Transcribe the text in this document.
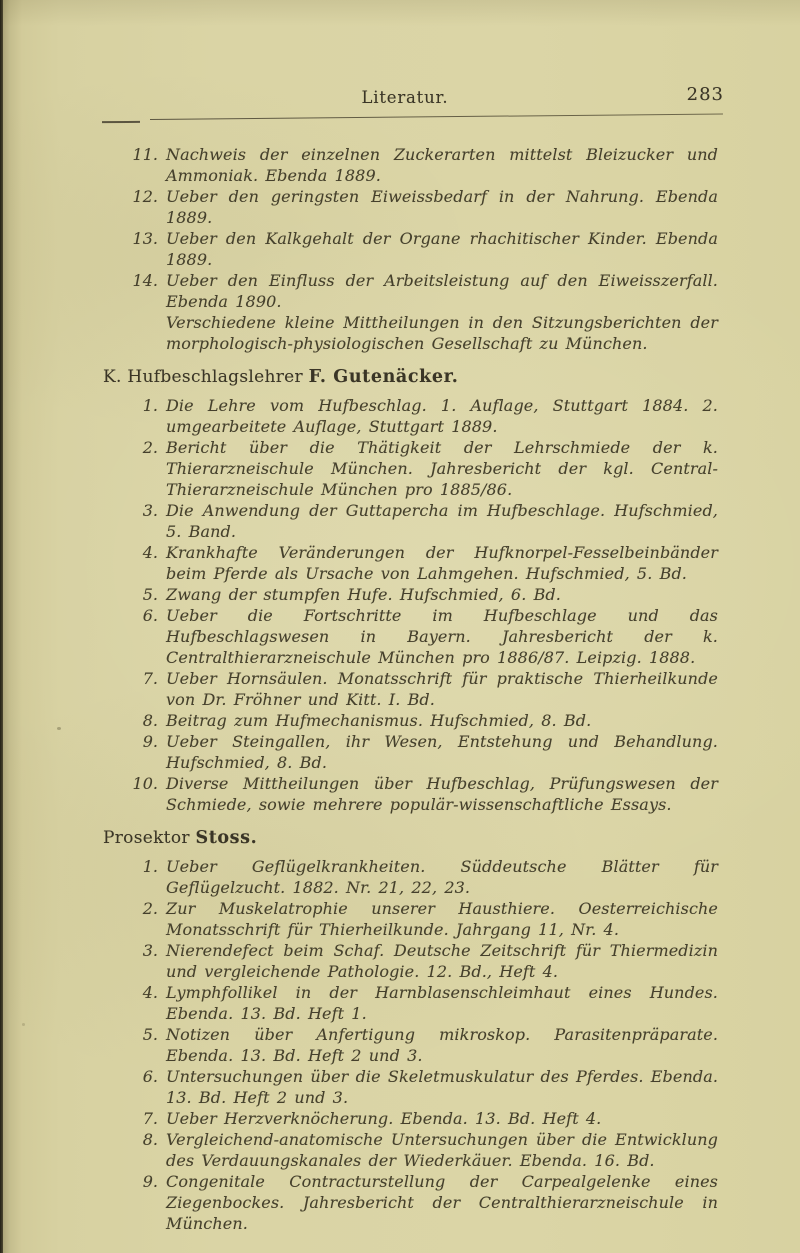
Literatur.	283
11. Nachweis der einzelnen Zuckerarten mittelst Bleizucker und Ammoniak. Ebenda 1889.
12. Ueber den geringsten Eiweissbedarf in der Nahrung. Ebenda 1889.
13. Ueber den Kalkgehalt der Organe rhachitischer Kinder. Ebenda 1889.
14. Ueber den Einfluss der Arbeitsleistung auf den Eiweisszerfall. Ebenda 1890.
Verschiedene kleine Mittheilungen in den Sitzungsberichten der morphologisch-physiologischen Gesellschaft zu München.
K. Hufbeschlagslehrer F. Gutenäcker.
1. Die Lehre vom Hufbeschlag. 1. Auflage, Stuttgart 1884. 2. umgearbeitete Auflage, Stuttgart 1889.
2. Bericht über die Thätigkeit der Lehrschmiede der k. Thierarzneischule München. Jahresbericht der kgl. Central-Thierarzneischule München pro 1885/86.
3. Die Anwendung der Guttapercha im Hufbeschlage. Hufschmied, 5. Band.
4. Krankhafte Veränderungen der Hufknorpel-Fesselbeinbänder beim Pferde als Ursache von Lahmgehen. Hufschmied, 5. Bd.
5. Zwang der stumpfen Hufe. Hufschmied, 6. Bd.
6. Ueber die Fortschritte im Hufbeschlage und das Hufbeschlagswesen in Bayern. Jahresbericht der k. Centralthierarzneischule München pro 1886/87. Leipzig. 1888.
7. Ueber Hornsäulen. Monatsschrift für praktische Thierheilkunde von Dr. Fröhner und Kitt. I. Bd.
8. Beitrag zum Hufmechanismus. Hufschmied, 8. Bd.
9. Ueber Steingallen, ihr Wesen, Entstehung und Behandlung. Hufschmied, 8. Bd.
10. Diverse Mittheilungen über Hufbeschlag, Prüfungswesen der Schmiede, sowie mehrere populär-wissenschaftliche Essays.
Prosektor Stoss.
1. Ueber Geflügelkrankheiten. Süddeutsche Blätter für Geflügelzucht. 1882. Nr. 21, 22, 23.
2. Zur Muskelatrophie unserer Hausthiere. Oesterreichische Monatsschrift für Thierheilkunde. Jahrgang 11, Nr. 4.
3. Nierendefect beim Schaf. Deutsche Zeitschrift für Thiermedizin und vergleichende Pathologie. 12. Bd., Heft 4.
4. Lymphfollikel in der Harnblasenschleimhaut eines Hundes. Ebenda. 13. Bd. Heft 1.
5. Notizen über Anfertigung mikroskop. Parasitenpräparate. Ebenda. 13. Bd. Heft 2 und 3.
6. Untersuchungen über die Skeletmuskulatur des Pferdes. Ebenda. 13. Bd. Heft 2 und 3.
7. Ueber Herzverknöcherung. Ebenda. 13. Bd. Heft 4.
8. Vergleichend-anatomische Untersuchungen über die Entwicklung des Verdauungskanales der Wiederkäuer. Ebenda. 16. Bd.
9. Congenitale Contracturstellung der Carpealgelenke eines Ziegenbockes. Jahresbericht der Centralthierarzneischule in München.
